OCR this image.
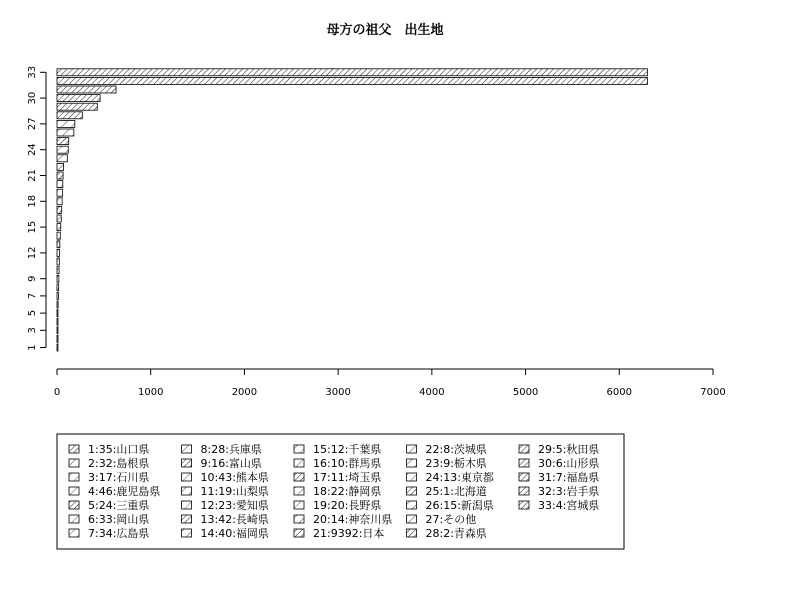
母方の祖父　出生地
0	1000	2000	3000	4000	5000	6000	7000
1
3
5
7
9
12
15
18
21
24
27
30
33
1:35:山口県
2:32:島根県
3:17:石川県
4:46:鹿児島県
5:24:三重県
6:33:岡山県
7:34:広島県
8:28:兵庫県
9:16:富山県
10:43:熊本県
11:19:山梨県
12:23:愛知県
13:42:長崎県
14:40:福岡県
15:12:千葉県
16:10:群馬県
17:11:埼玉県
18:22:静岡県
19:20:長野県
20:14:神奈川県
21:9392:日本
22:8:茨城県
23:9:栃木県
24:13:東京都
25:1:北海道
26:15:新潟県
27:その他
28:2:青森県
29:5:秋田県
30:6:山形県
31:7:福島県
32:3:岩手県
33:4:宮城県
